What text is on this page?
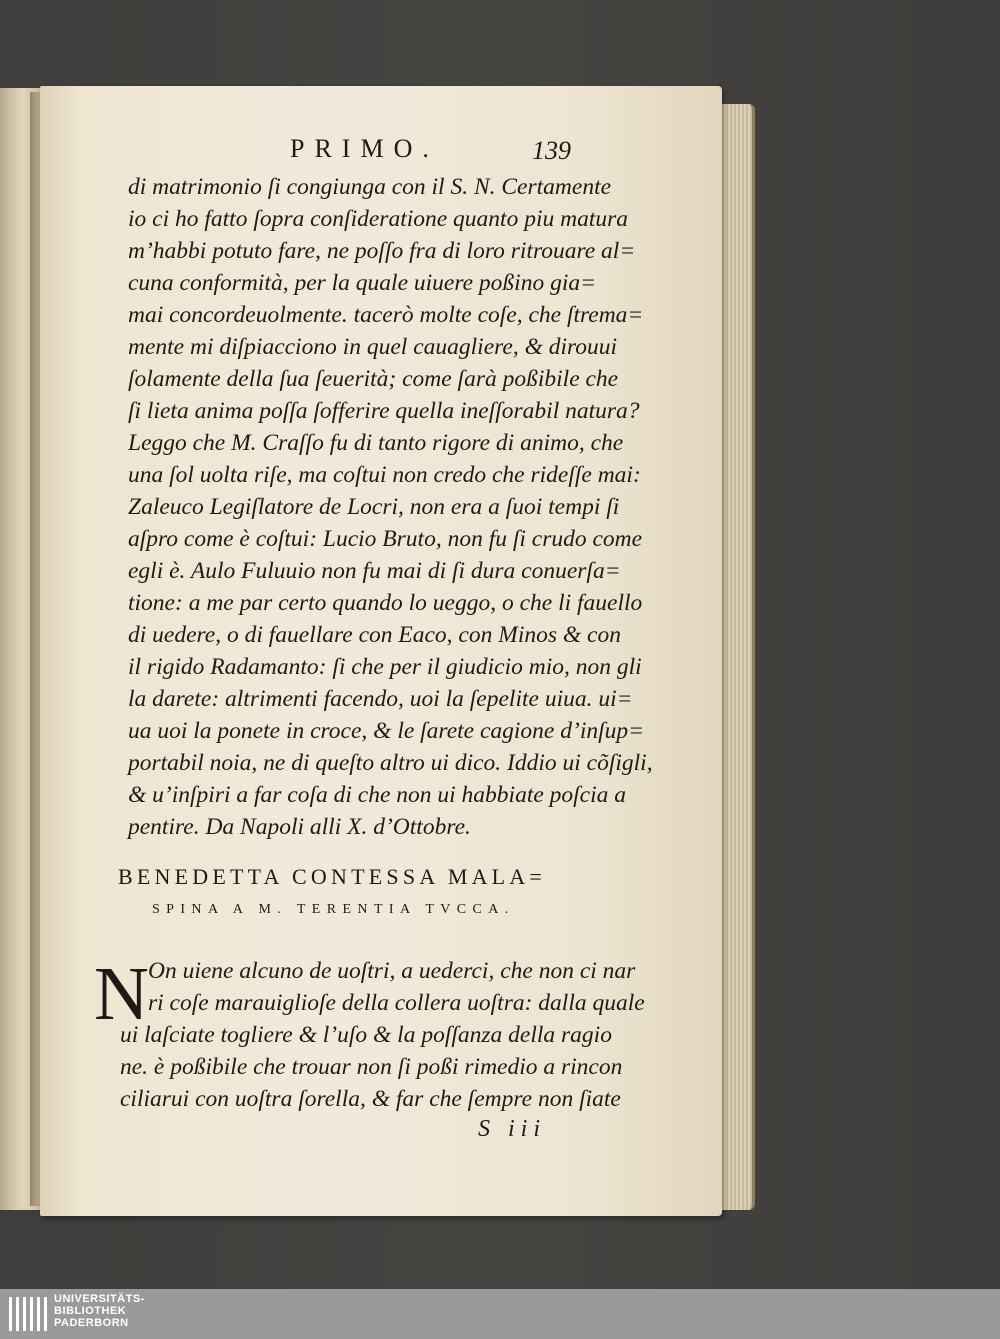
PRIMO.	139
di matrimonio ſi congiunga con il S. N. Certamente
io ci ho fatto ſopra conſideratione quanto piu matura
m’habbi potuto fare, ne poſſo fra di loro ritrouare al=
cuna conformità, per la quale uiuere poßino gia=
mai concordeuolmente. tacerò molte coſe, che ſtrema=
mente mi diſpiacciono in quel cauagliere, & dirouui
ſolamente della ſua ſeuerità; come ſarà poßibile che
ſi lieta anima poſſa ſofferire quella ineſſorabil natura?
Leggo che M. Craſſo fu di tanto rigore di animo, che
una ſol uolta riſe, ma coſtui non credo che rideſſe mai:
Zaleuco Legiſlatore de Locri, non era a ſuoi tempi ſi
aſpro come è coſtui: Lucio Bruto, non fu ſi crudo come
egli è. Aulo Fuluuio non fu mai di ſi dura conuerſa=
tione: a me par certo quando lo ueggo, o che li fauello
di uedere, o di fauellare con Eaco, con Minos & con
il rigido Radamanto: ſi che per il giudicio mio, non gli
la darete: altrimenti facendo, uoi la ſepelite uiua. ui=
ua uoi la ponete in croce, & le ſarete cagione d’inſup=
portabil noia, ne di queſto altro ui dico. Iddio ui cõſigli,
& u’inſpiri a far coſa di che non ui habbiate poſcia a
pentire. Da Napoli alli X. d’Ottobre.
BENEDETTA CONTESSA MALA=
SPINA A M. TERENTIA TVCCA.
N On uiene alcuno de uoſtri, a uederci, che non ci nar
ri coſe marauiglioſe della collera uoſtra: dalla quale
ui laſciate togliere & l’uſo & la poſſanza della ragio
ne. è poßibile che trouar non ſi poßi rimedio a rincon
ciliarui con uoſtra ſorella, & far che ſempre non ſiate
S iii
UNIVERSITÄTS-
BIBLIOTHEK
PADERBORN
